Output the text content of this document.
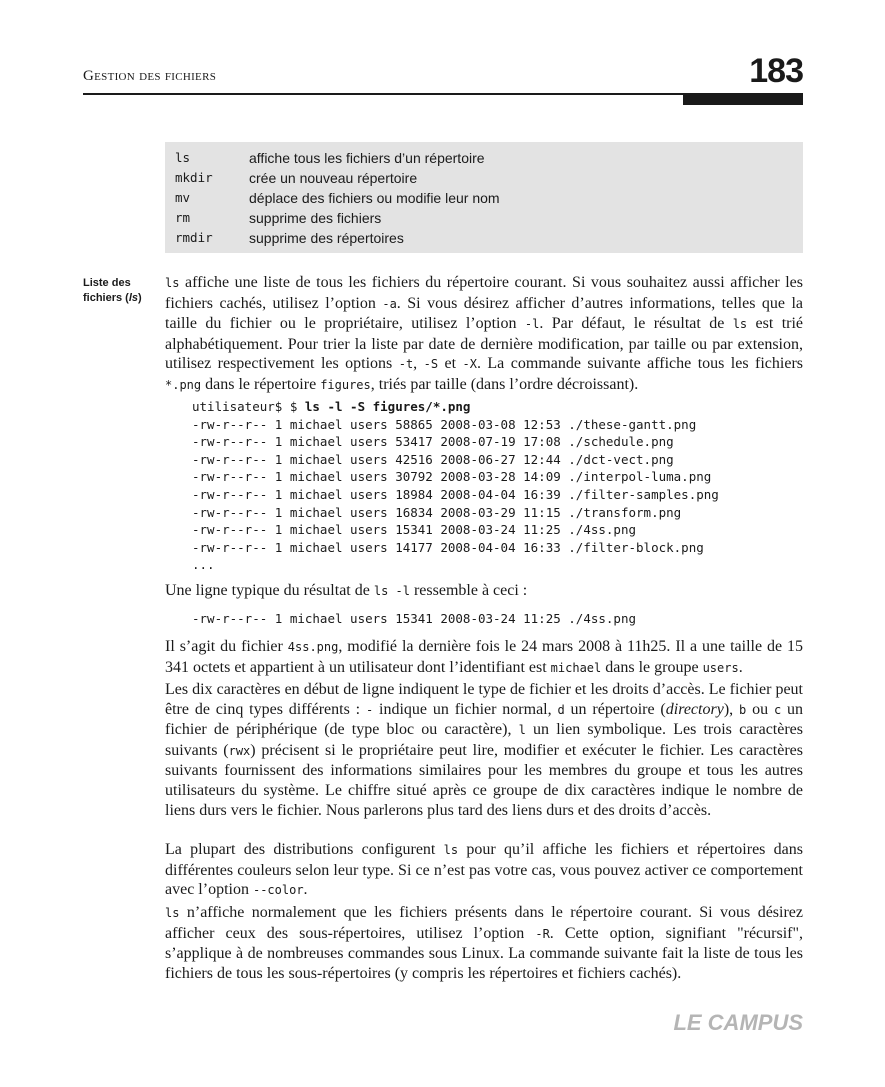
Gestion des fichiers	183
ls	affiche tous les fichiers d’un répertoire
mkdir	crée un nouveau répertoire
mv	déplace des fichiers ou modifie leur nom
rm	supprime des fichiers
rmdir	supprime des répertoires
Liste des
fichiers (ls)
ls affiche une liste de tous les fichiers du répertoire courant. Si vous souhaitez aussi afficher les fichiers cachés, utilisez l’option -a. Si vous désirez afficher d’autres informations, telles que la taille du fichier ou le propriétaire, utilisez l’option -l. Par défaut, le résultat de ls est trié alphabétiquement. Pour trier la liste par date de dernière modification, par taille ou par extension, utilisez respectivement les options -t, -S et -X. La commande suivante affiche tous les fichiers *.png dans le répertoire figures, triés par taille (dans l’ordre décroissant).
utilisateur$ $ ls -l -S figures/*.png
-rw-r--r-- 1 michael users 58865 2008-03-08 12:53 ./these-gantt.png
-rw-r--r-- 1 michael users 53417 2008-07-19 17:08 ./schedule.png
-rw-r--r-- 1 michael users 42516 2008-06-27 12:44 ./dct-vect.png
-rw-r--r-- 1 michael users 30792 2008-03-28 14:09 ./interpol-luma.png
-rw-r--r-- 1 michael users 18984 2008-04-04 16:39 ./filter-samples.png
-rw-r--r-- 1 michael users 16834 2008-03-29 11:15 ./transform.png
-rw-r--r-- 1 michael users 15341 2008-03-24 11:25 ./4ss.png
-rw-r--r-- 1 michael users 14177 2008-04-04 16:33 ./filter-block.png
...
Une ligne typique du résultat de ls -l ressemble à ceci :
-rw-r--r-- 1 michael users 15341 2008-03-24 11:25 ./4ss.png
Il s’agit du fichier 4ss.png, modifié la dernière fois le 24 mars 2008 à 11h25. Il a une taille de 15 341 octets et appartient à un utilisateur dont l’identifiant est michael dans le groupe users.
Les dix caractères en début de ligne indiquent le type de fichier et les droits d’accès. Le fichier peut être de cinq types différents : - indique un fichier normal, d un répertoire (directory), b ou c un fichier de périphérique (de type bloc ou caractère), l un lien symbolique. Les trois caractères suivants (rwx) précisent si le propriétaire peut lire, modifier et exécuter le fichier. Les caractères suivants fournissent des informations similaires pour les membres du groupe et tous les autres utilisateurs du système. Le chiffre situé après ce groupe de dix caractères indique le nombre de liens durs vers le fichier. Nous parlerons plus tard des liens durs et des droits d’accès.
La plupart des distributions configurent ls pour qu’il affiche les fichiers et répertoires dans différentes couleurs selon leur type. Si ce n’est pas votre cas, vous pouvez activer ce comportement avec l’option --color.
ls n’affiche normalement que les fichiers présents dans le répertoire courant. Si vous désirez afficher ceux des sous-répertoires, utilisez l’option -R. Cette option, signifiant "récursif", s’applique à de nombreuses commandes sous Linux. La commande suivante fait la liste de tous les fichiers de tous les sous-répertoires (y compris les répertoires et fichiers cachés).
LE CAMPUS
